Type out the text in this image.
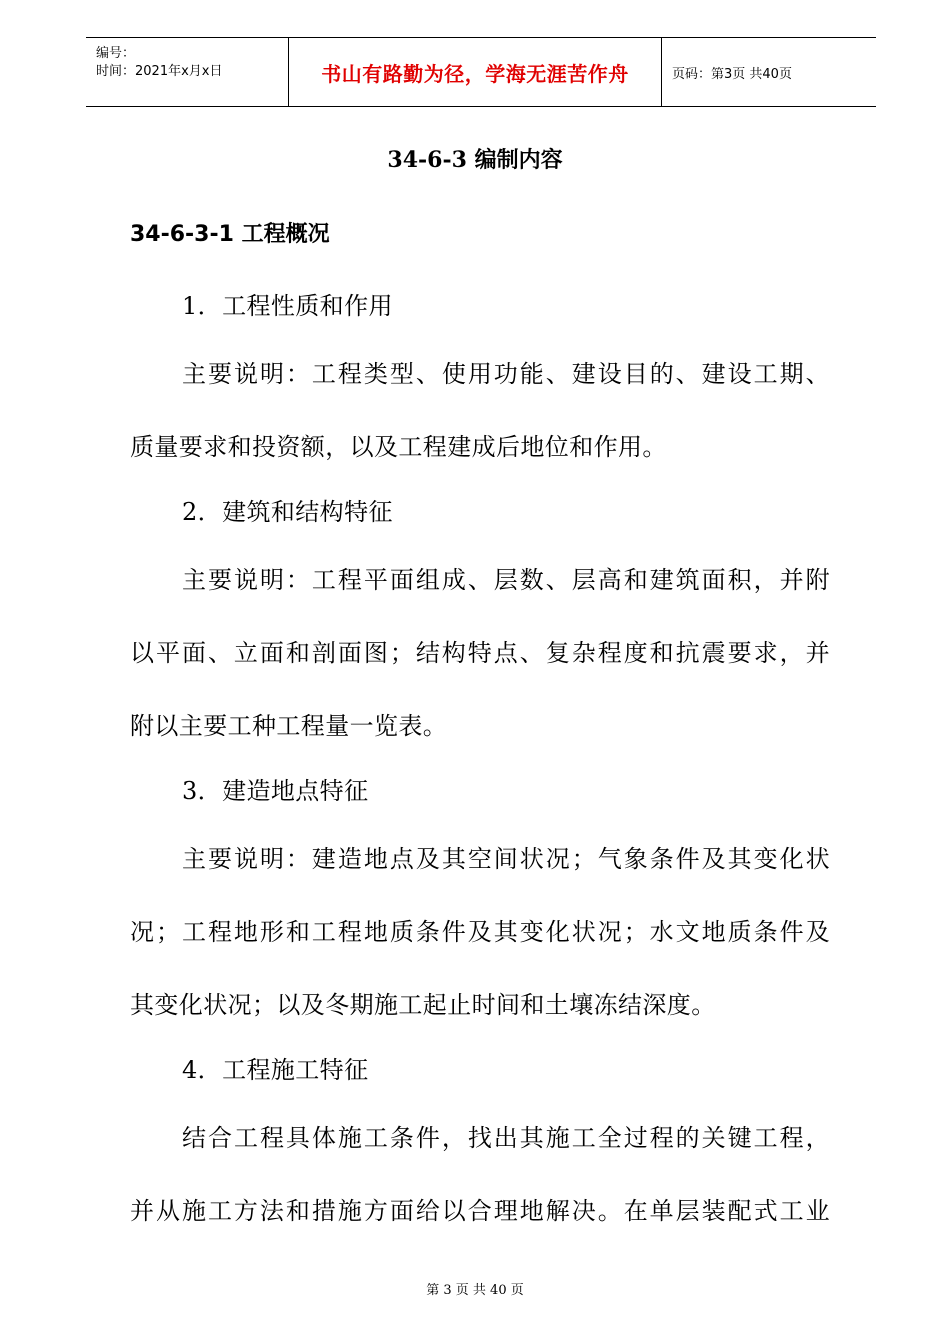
编号：
时间：2021年x月x日	书山有路勤为径，学海无涯苦作舟	页码：第3页 共40页
34-6-3 编制内容
34-6-3-1 工程概况
1．工程性质和作用
主要说明：工程类型、使用功能、建设目的、建设工期、
质量要求和投资额，以及工程建成后地位和作用。
2．建筑和结构特征
主要说明：工程平面组成、层数、层高和建筑面积，并附
以平面、立面和剖面图；结构特点、复杂程度和抗震要求，并
附以主要工种工程量一览表。
3．建造地点特征
主要说明：建造地点及其空间状况；气象条件及其变化状
况；工程地形和工程地质条件及其变化状况；水文地质条件及
其变化状况；以及冬期施工起止时间和土壤冻结深度。
4．工程施工特征
结合工程具体施工条件，找出其施工全过程的关键工程，
并从施工方法和措施方面给以合理地解决。在单层装配式工业
第 3 页 共 40 页
